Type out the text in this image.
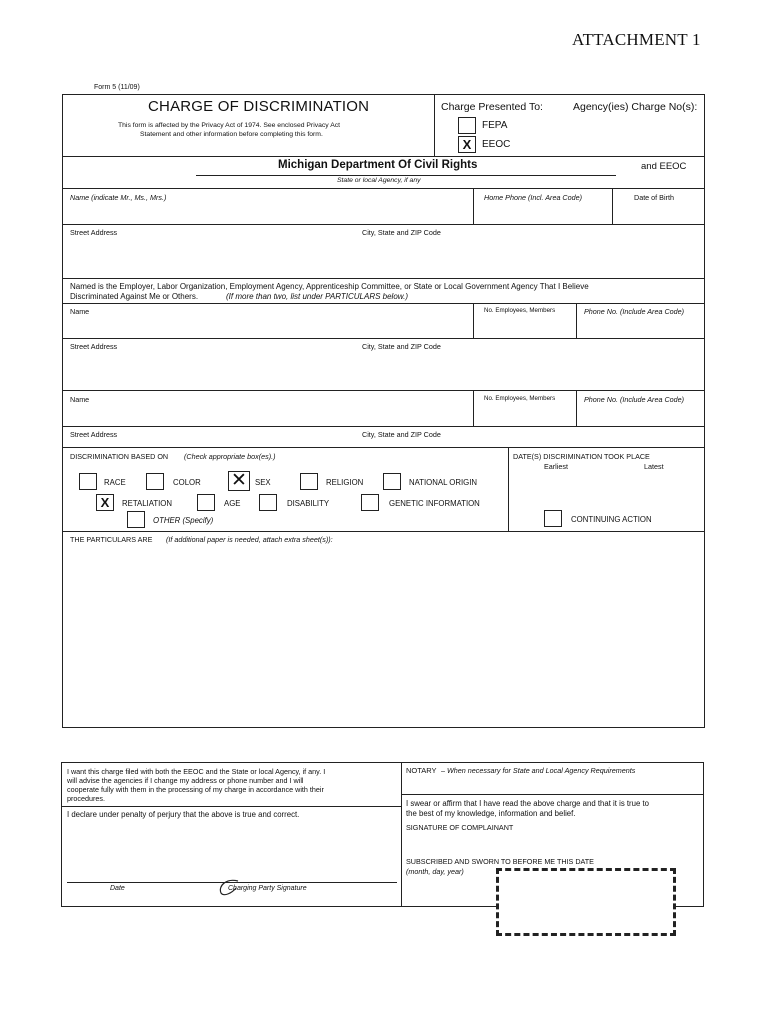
ATTACHMENT 1
Form 5 (11/09)
CHARGE OF DISCRIMINATION
This form is affected by the Privacy Act of 1974. See enclosed Privacy Act
Statement and other information before completing this form.
Charge Presented To:	Agency(ies) Charge No(s):
FEPA
X	EEOC
Michigan Department Of Civil Rights	and EEOC
State or local Agency, if any
Name (indicate Mr., Ms., Mrs.)	Home Phone (Incl. Area Code)	Date of Birth
Street Address	City, State and ZIP Code
Named is the Employer, Labor Organization, Employment Agency, Apprenticeship Committee, or State or Local Government Agency That I Believe
Discriminated Against Me or Others.	(If more than two, list under PARTICULARS below.)
Name	No. Employees, Members	Phone No. (Include Area Code)
Street Address	City, State and ZIP Code
Name	No. Employees, Members	Phone No. (Include Area Code)
Street Address	City, State and ZIP Code
DISCRIMINATION BASED ON (Check appropriate box(es).)
RACE	COLOR ✕	SEX	RELIGION	NATIONAL ORIGIN
X	RETALIATION	AGE	DISABILITY	GENETIC INFORMATION
OTHER (Specify)
DATE(S) DISCRIMINATION TOOK PLACE
Earliest	Latest
CONTINUING ACTION
THE PARTICULARS ARE (If additional paper is needed, attach extra sheet(s)):
I want this charge filed with both the EEOC and the State or local Agency, if any. I
will advise the agencies if I change my address or phone number and I will
cooperate fully with them in the processing of my charge in accordance with their
procedures.
I declare under penalty of perjury that the above is true and correct.
Date	Charging Party Signature
NOTARY – When necessary for State and Local Agency Requirements
I swear or affirm that I have read the above charge and that it is true to
the best of my knowledge, information and belief.
SIGNATURE OF COMPLAINANT
SUBSCRIBED AND SWORN TO BEFORE ME THIS DATE
(month, day, year)
